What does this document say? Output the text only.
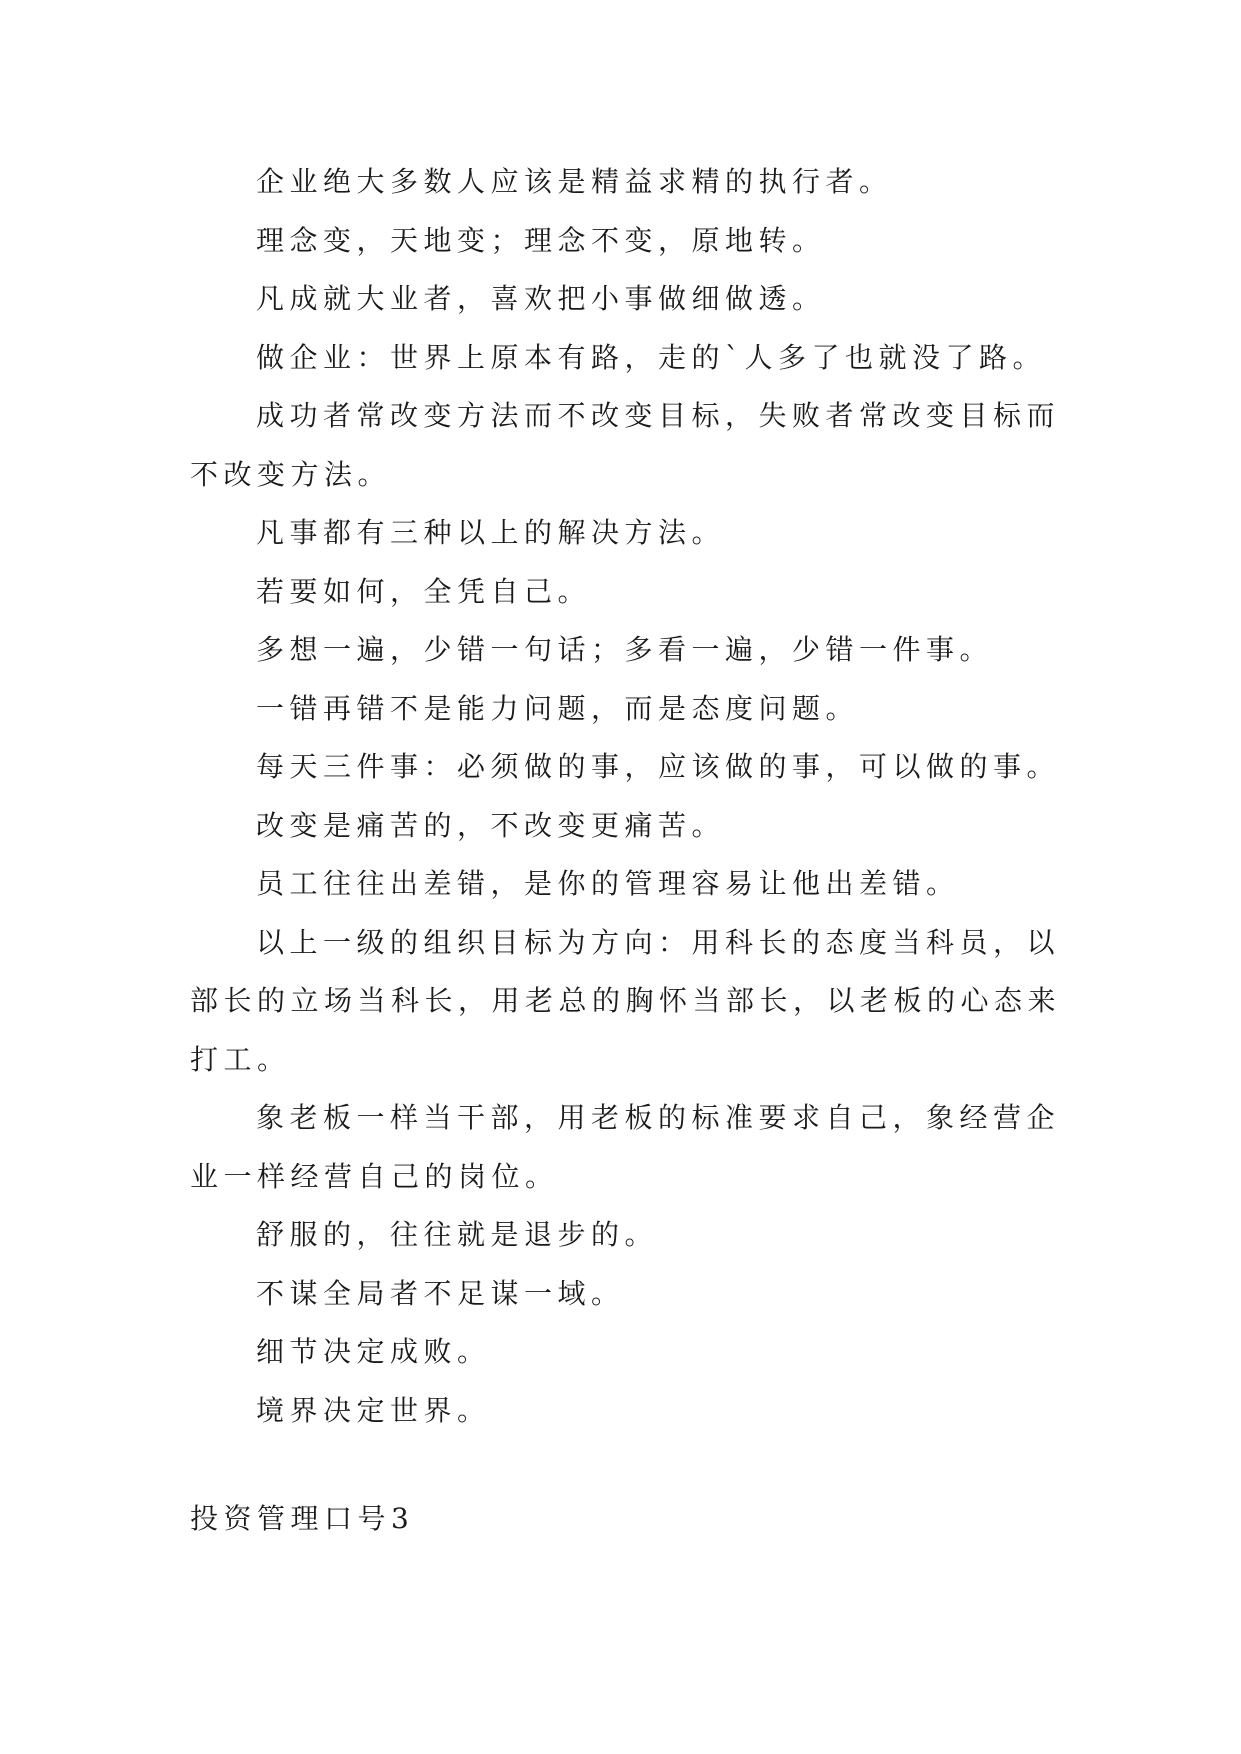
企业绝大多数人应该是精益求精的执行者。

理念变，天地变；理念不变，原地转。

凡成就大业者，喜欢把小事做细做透。

做企业：世界上原本有路，走的`人多了也就没了路。

成功者常改变方法而不改变目标，失败者常改变目标而不改变方法。

凡事都有三种以上的解决方法。

若要如何，全凭自己。

多想一遍，少错一句话；多看一遍，少错一件事。

一错再错不是能力问题，而是态度问题。

每天三件事：必须做的事，应该做的事，可以做的事。

改变是痛苦的，不改变更痛苦。

员工往往出差错，是你的管理容易让他出差错。

以上一级的组织目标为方向：用科长的态度当科员，以部长的立场当科长，用老总的胸怀当部长，以老板的心态来打工。

象老板一样当干部，用老板的标准要求自己，象经营企业一样经营自己的岗位。

舒服的，往往就是退步的。

不谋全局者不足谋一域。

细节决定成败。

境界决定世界。

投资管理口号3
